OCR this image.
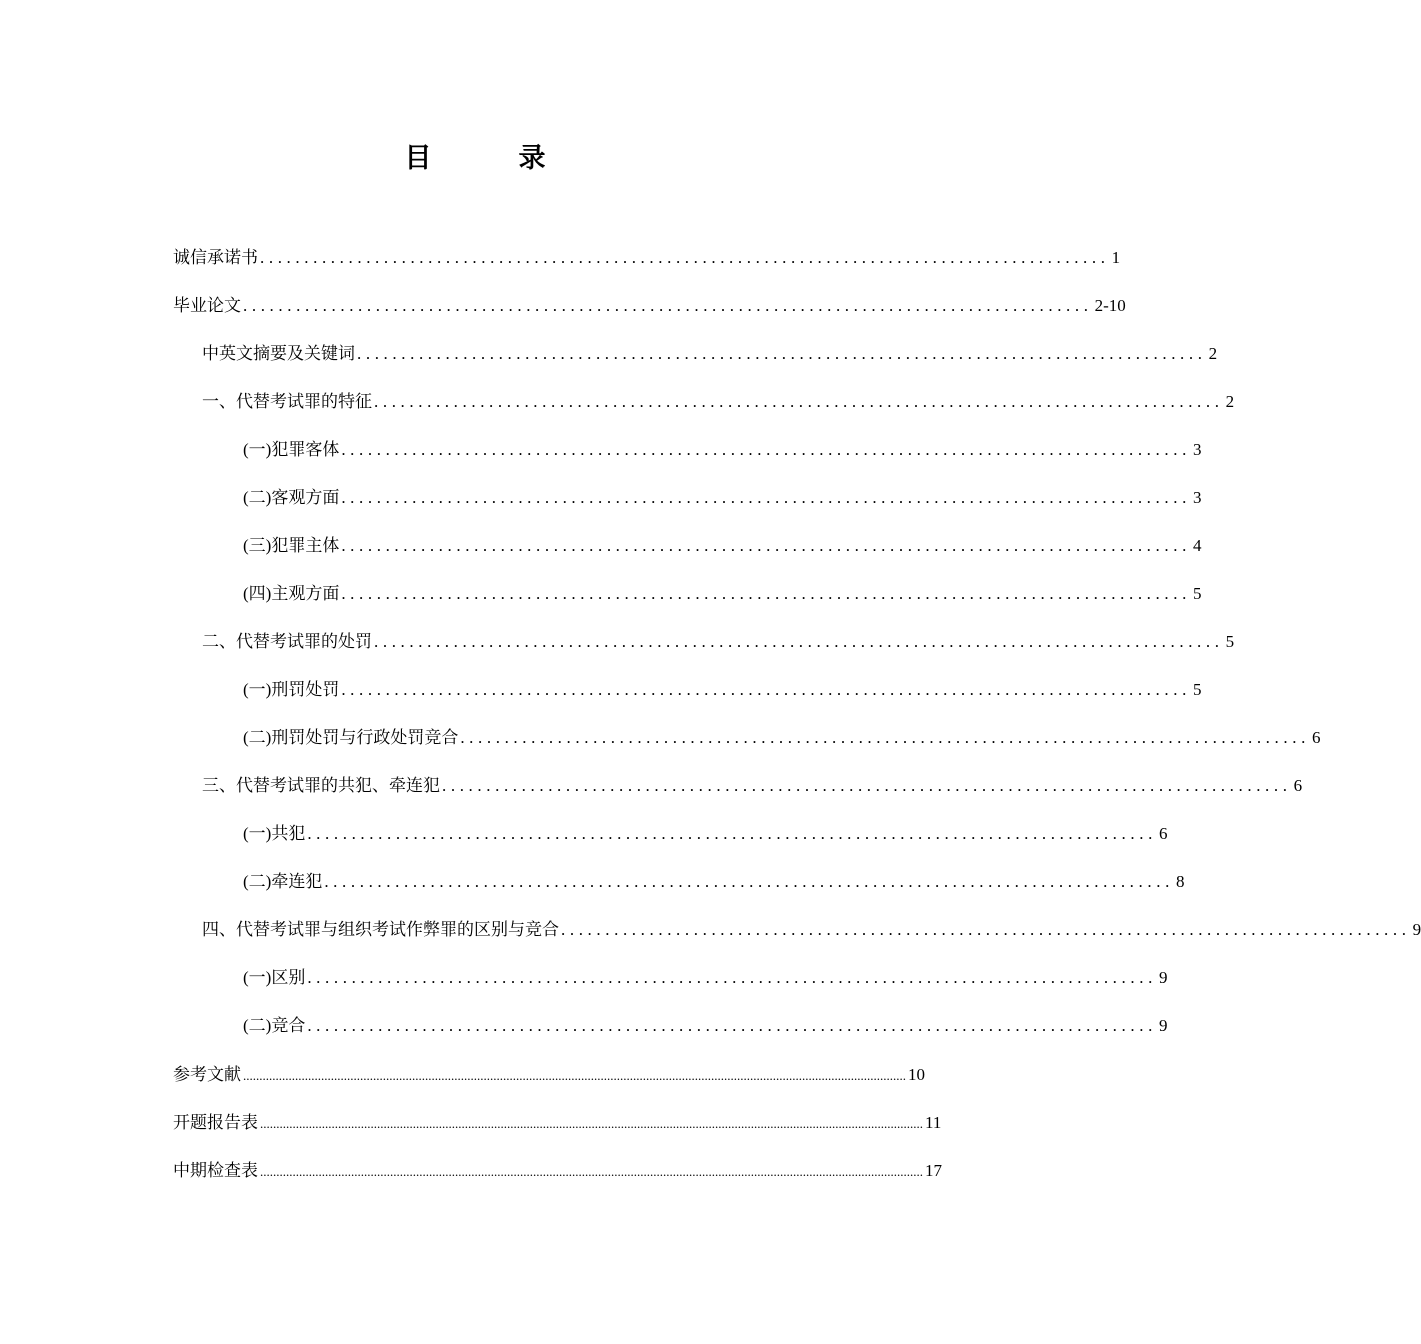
目　录
诚信承诺书 ................................................................................................ 1
毕业论文 ................................................................................................ 2-10
中英文摘要及关键词 ................................................................................................ 2
一、代替考试罪的特征 ................................................................................................ 2
(一)犯罪客体 ................................................................................................ 3
(二)客观方面 ................................................................................................ 3
(三)犯罪主体 ................................................................................................ 4
(四)主观方面 ................................................................................................ 5
二、代替考试罪的处罚 ................................................................................................ 5
(一)刑罚处罚 ................................................................................................ 5
(二)刑罚处罚与行政处罚竞合 ................................................................................................ 6
三、代替考试罪的共犯、牵连犯 ................................................................................................ 6
(一)共犯 ................................................................................................ 6
(二)牵连犯 ................................................................................................ 8
四、代替考试罪与组织考试作弊罪的区别与竞合 ................................................................................................ 9
(一)区别 ................................................................................................ 9
(二)竞合 ................................................................................................ 9
参考文献 ............................................................................................................................................................................................................ 10
开题报告表 ............................................................................................................................................................................................................ 11
中期检查表 ............................................................................................................................................................................................................ 17
